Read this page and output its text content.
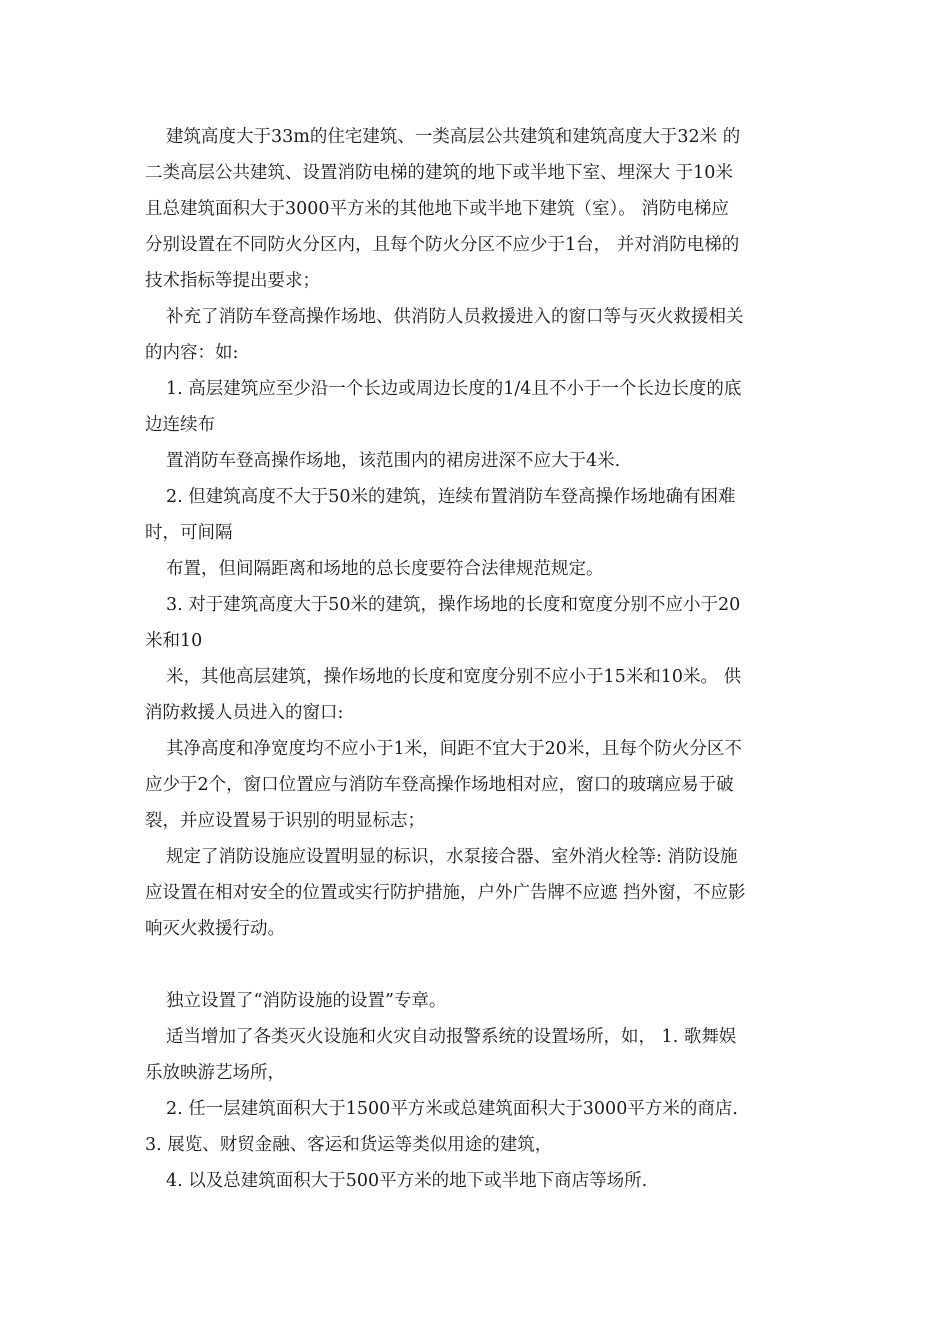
建筑高度大于33m的住宅建筑、一类高层公共建筑和建筑高度大于32米 的
二类高层公共建筑、设置消防电梯的建筑的地下或半地下室、埋深大 于10米
且总建筑面积大于3000平方米的其他地下或半地下建筑（室）。 消防电梯应
分别设置在不同防火分区内，且每个防火分区不应少于1台， 并对消防电梯的
技术指标等提出要求；
补充了消防车登高操作场地、供消防人员救援进入的窗口等与灭火救援相关
的内容：如:
1. 高层建筑应至少沿一个长边或周边长度的1/4且不小于一个长边长度的底
边连续布
置消防车登高操作场地，该范围内的裙房进深不应大于4米.
2. 但建筑高度不大于50米的建筑，连续布置消防车登高操作场地确有困难
时，可间隔
布置，但间隔距离和场地的总长度要符合法律规范规定。
3. 对于建筑高度大于50米的建筑，操作场地的长度和宽度分别不应小于20
米和10
米，其他高层建筑，操作场地的长度和宽度分别不应小于15米和10米。 供
消防救援人员进入的窗口:
其净高度和净宽度均不应小于1米，间距不宜大于20米，且每个防火分区不
应少于2个，窗口位置应与消防车登高操作场地相对应，窗口的玻璃应易于破
裂，并应设置易于识别的明显标志；
规定了消防设施应设置明显的标识，水泵接合器、室外消火栓等: 消防设施
应设置在相对安全的位置或实行防护措施，户外广告牌不应遮 挡外窗，不应影
响灭火救援行动。
独立设置了“消防设施的设置”专章。
适当增加了各类灭火设施和火灾自动报警系统的设置场所，如， 1. 歌舞娱
乐放映游艺场所，
2. 任一层建筑面积大于1500平方米或总建筑面积大于3000平方米的商店.
3. 展览、财贸金融、客运和货运等类似用途的建筑，
4. 以及总建筑面积大于500平方米的地下或半地下商店等场所.
